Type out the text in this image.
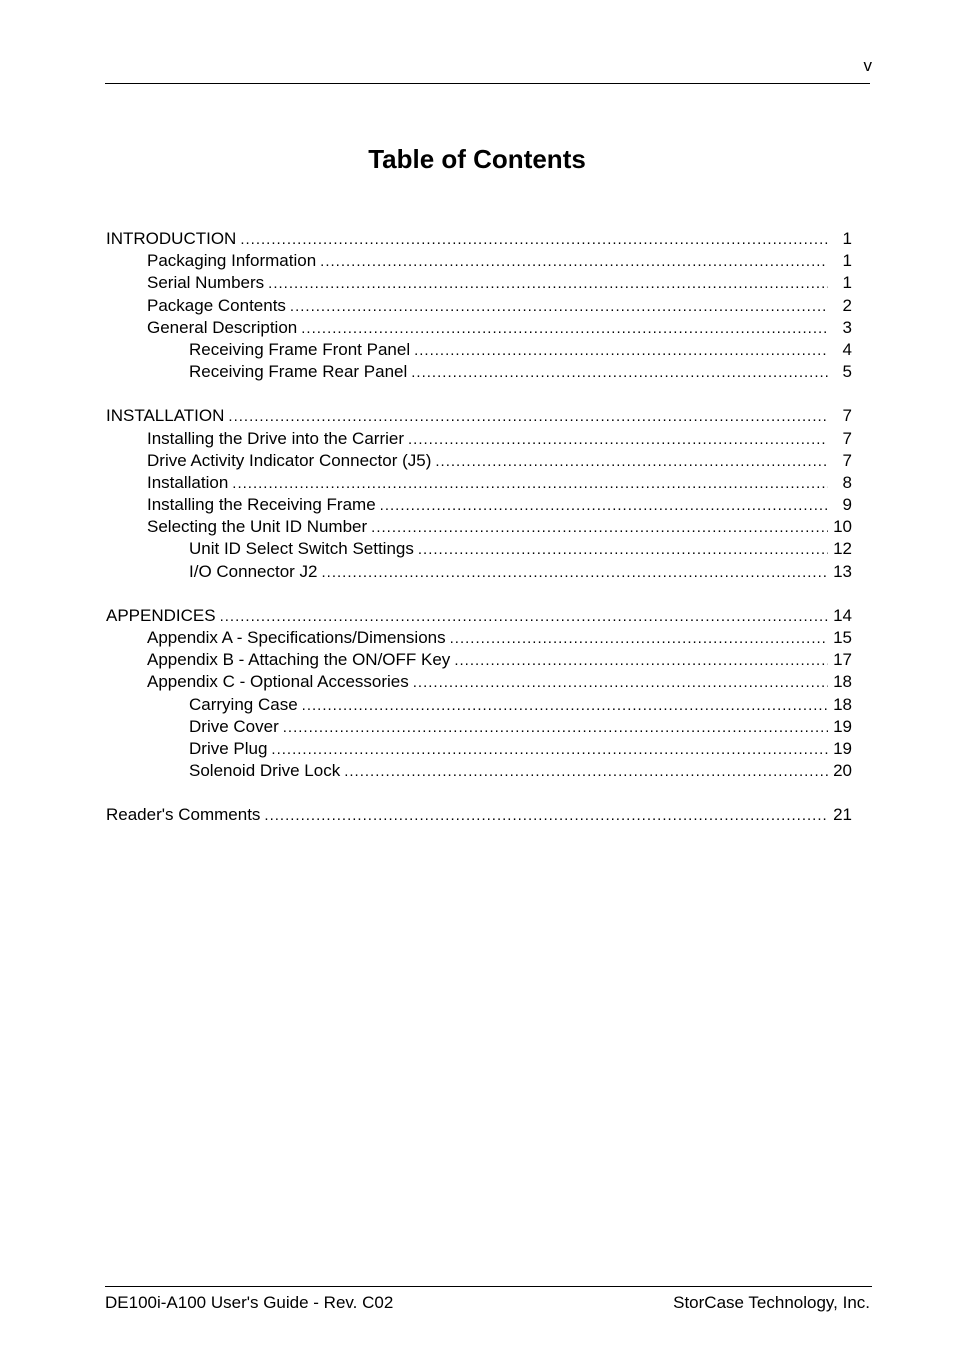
v
Table of Contents
INTRODUCTION .....	1
Packaging Information .....	1
Serial Numbers .....	1
Package Contents .....	2
General Description .....	3
Receiving Frame Front Panel .....	4
Receiving Frame Rear Panel .....	5
INSTALLATION .....	7
Installing the Drive into the Carrier .....	7
Drive Activity Indicator Connector (J5) .....	7
Installation .....	8
Installing the Receiving Frame .....	9
Selecting the Unit ID Number .....	10
Unit ID Select Switch Settings .....	12
I/O Connector J2 .....	13
APPENDICES .....	14
Appendix A - Specifications/Dimensions .....	15
Appendix B - Attaching the ON/OFF Key .....	17
Appendix C - Optional Accessories .....	18
Carrying Case .....	18
Drive Cover .....	19
Drive Plug .....	19
Solenoid Drive Lock .....	20
Reader's Comments .....	21
DE100i-A100 User's Guide - Rev. C02	StorCase Technology, Inc.
